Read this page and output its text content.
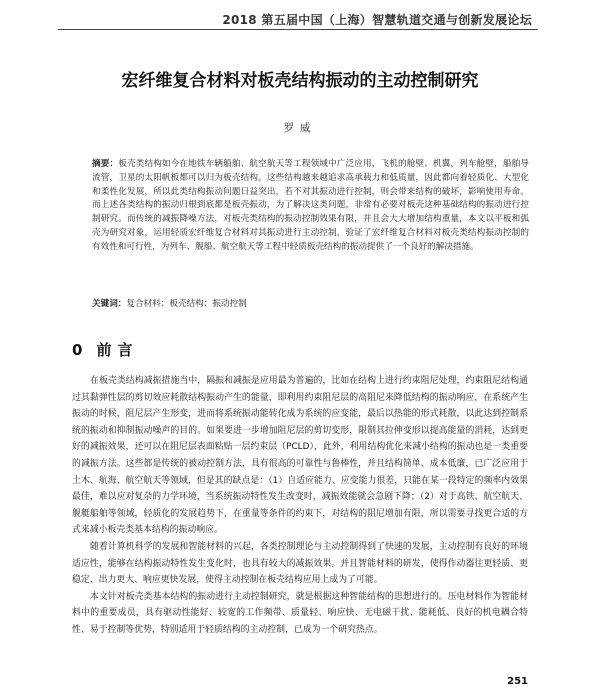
2018 第五届中国（上海）智慧轨道交通与创新发展论坛
宏纤维复合材料对板壳结构振动的主动控制研究
罗威
摘要：板壳类结构如今在地铁车辆船舶、航空航天等工程领域中广泛应用，飞机的舱壁、机翼，列车舱壁，船舶导流管，卫星的太阳帆板都可以归为板壳结构。这些结构越来越追求高承载力和低质量，因此都向着轻质化、大型化和柔性化发展，所以此类结构振动问题日益突出，若不对其振动进行控制，则会带来结构的破坏，影响使用寿命。而上述各类结构的振动归根到底都是板壳振动，为了解决这类问题，非常有必要对板壳这种基础结构的振动进行控制研究。而传统的减振降噪方法，对板壳类结构的振动控制效果有限，并且会大大增加结构重量，本文以平板和弧壳为研究对象，运用轻质宏纤维复合材料对其振动进行主动控制，验证了宏纤维复合材料对板壳类结构振动控制的有效性和可行性，为列车、舰船、航空航天等工程中轻质板壳结构的振动提供了一个良好的解决措施。
关键词：复合材料；板壳结构；振动控制
0 前言

在板壳类结构减振措施当中，隔振和减振是应用最为普遍的，比如在结构上进行约束阻尼处理，约束阻尼结构通过其黏弹性层的剪切效应耗散结构振动产生的能量，即利用约束阻尼层的高阻尼来降低结构的振动响应，在系统产生振动的时候，阻尼层产生形变，进而将系统振动能转化成为系统的应变能，最后以热能的形式耗散，以此达到控制系统的振动和抑制振动噪声的目的。如果要进一步增加阻尼层的剪切变形，限制其拉伸变形以提高能量的消耗，达到更好的减振效果，还可以在阻尼层表面粘贴一层约束层（PCLD），此外，利用结构优化来减小结构的振动也是一类重要的减振方法。这些都是传统的被动控制方法，具有很高的可靠性与鲁棒性，并且结构简单、成本低廉，已广泛应用于土木、航海、航空航天等领域，但是其的缺点是：（1）自适应能力、应变能力很差，只能在某一段特定的频率内效果最佳，难以应对复杂的力学环境，当系统振动特性发生改变时，减振效能就会急剧下降；（2）对于高铁、航空航天、舰艇船舶等领域，轻质化的发展趋势下，在重量等条件的约束下，对结构的阻尼增加有限，所以需要寻找更合适的方式来减小板壳类基本结构的振动响应。

随着计算机科学的发展和智能材料的兴起，各类控制理论与主动控制得到了快速的发展，主动控制有良好的环境适应性，能够在结构振动特性发生变化时，也具有较大的减振效果。并且智能材料的研发，使得作动器往更轻质、更稳定、出力更大、响应更快发展，使得主动控制在板壳结构应用上成为了可能。

本文针对板壳类基本结构的振动进行主动控制研究，就是根据这种智能结构的思想进行的。压电材料作为智能材料中的重要成员，具有驱动性能好、较宽的工作频带、质量轻、响应快、无电磁干扰、能耗低、良好的机电耦合特性、易于控制等优势，特别适用于轻质结构的主动控制，已成为一个研究热点。

251
